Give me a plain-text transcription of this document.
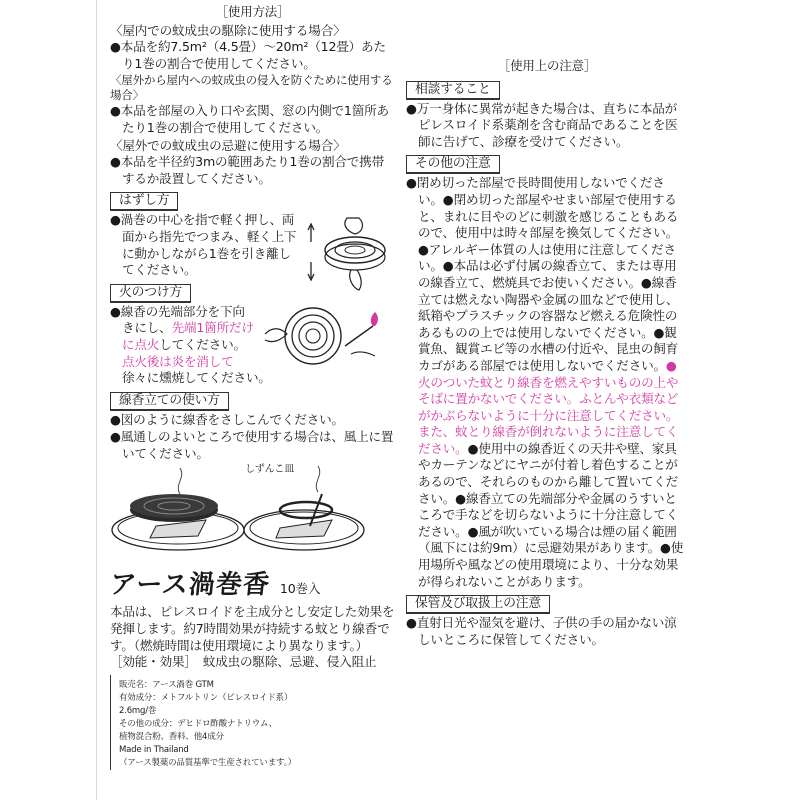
［使用方法］
〈屋内での蚊成虫の駆除に使用する場合〉
●本品を約7.5m²（4.5畳）〜20m²（12畳）あたり1巻の割合で使用してください。
〈屋外から屋内への蚊成虫の侵入を防ぐために使用する場合〉
●本品を部屋の入り口や玄関、窓の内側で1箇所あたり1巻の割合で使用してください。
〈屋外での蚊成虫の忌避に使用する場合〉
●本品を半径約3mの範囲あたり1巻の割合で携帯するか設置してください。
はずし方
●渦巻の中心を指で軽く押し、両面から指先でつまみ、軽く上下に動かしながら1巻を引き離してください。
火のつけ方
●線香の先端部分を下向きにし、先端1箇所だけに点火してください。点火後は炎を消して徐々に燻焼してください。
線香立ての使い方
●図のように線香をさしこんでください。
●風通しのよいところで使用する場合は、風上に置いてください。
しずんこ皿
アース渦巻香 10巻入
本品は、ピレスロイドを主成分とし安定した効果を発揮します。約7時間効果が持続する蚊とり線香です。（燃焼時間は使用環境により異なります。）
［効能・効果］　蚊成虫の駆除、忌避、侵入阻止
販売名：アース渦巻 GTM
有効成分：メトフルトリン（ピレスロイド系）
2.6mg/巻
その他の成分：デヒドロ酢酸ナトリウム、
植物混合粉、香料、他4成分
Made in Thailand
（アース製薬の品質基準で生産されています。）
［使用上の注意］
相談すること
●万一身体に異常が起きた場合は、直ちに本品がピレスロイド系薬剤を含む商品であることを医師に告げて、診療を受けてください。
その他の注意
●閉め切った部屋で長時間使用しないでください。●閉め切った部屋やせまい部屋で使用すると、まれに目やのどに刺激を感じることもあるので、使用中は時々部屋を換気してください。●アレルギー体質の人は使用に注意してください。●本品は必ず付属の線香立て、または専用の線香立て、燃焼具でお使いください。●線香立ては燃えない陶器や金属の皿などで使用し、紙箱やプラスチックの容器など燃える危険性のあるものの上では使用しないでください。●観賞魚、観賞エビ等の水槽の付近や、昆虫の飼育カゴがある部屋では使用しないでください。●火のついた蚊とり線香を燃えやすいものの上やそばに置かないでください。ふとんや衣類などがかぶらないように十分に注意してください。また、蚊とり線香が倒れないように注意してください。●使用中の線香近くの天井や壁、家具やカーテンなどにヤニが付着し着色することがあるので、それらのものから離して置いてください。●線香立ての先端部分や金属のうすいところで手などを切らないように十分注意してください。●風が吹いている場合は煙の届く範囲（風下には約9m）に忌避効果があります。●使用場所や風などの使用環境により、十分な効果が得られないことがあります。
保管及び取扱上の注意
●直射日光や湿気を避け、子供の手の届かない涼しいところに保管してください。
